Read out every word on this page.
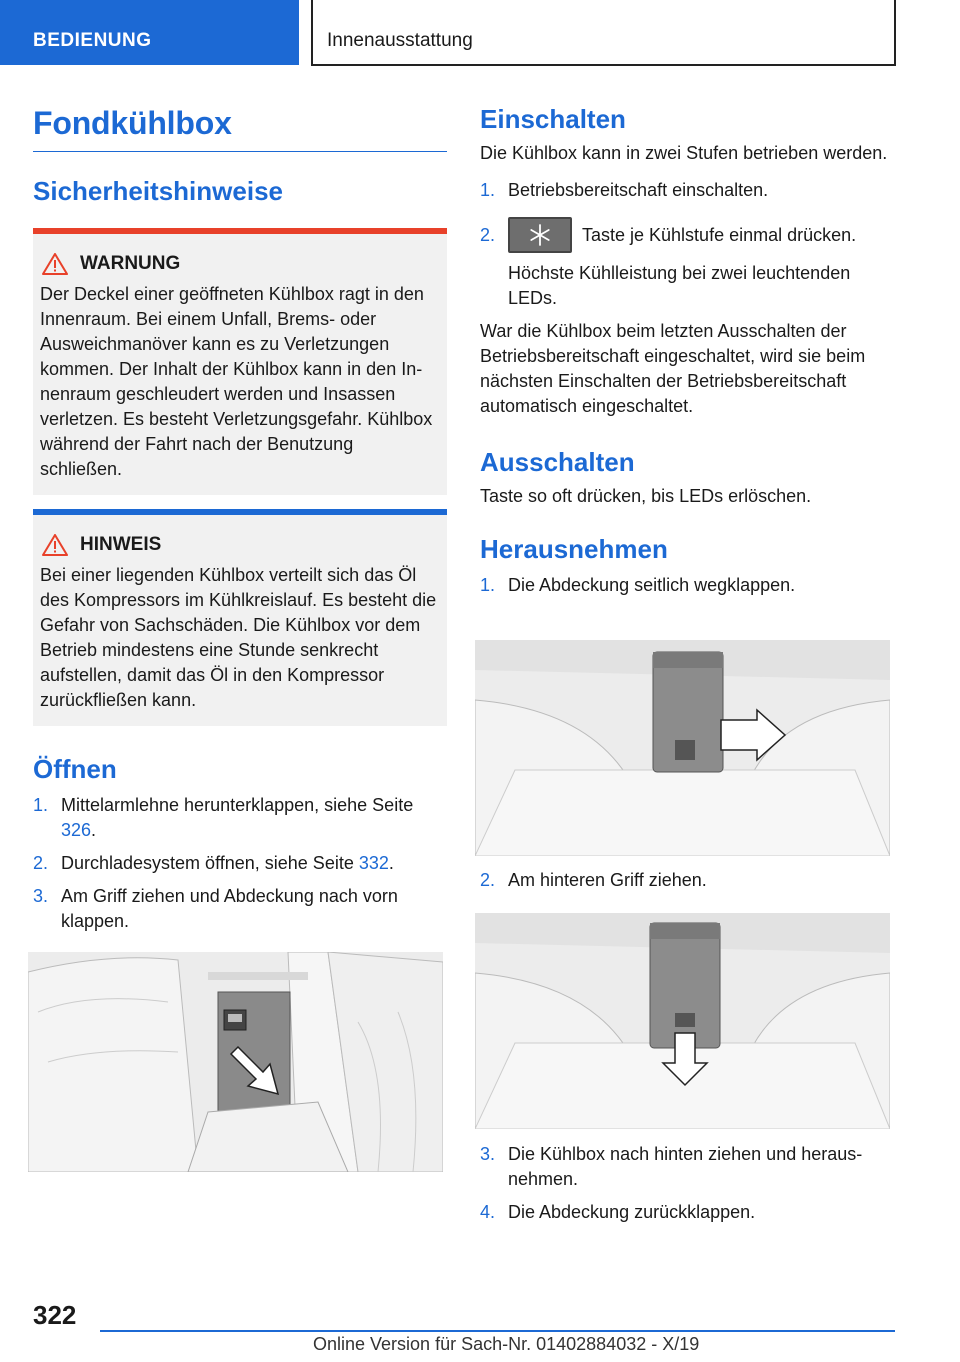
BEDIENUNG	Innenausstattung
Fondkühlbox
Sicherheitshinweise
WARNUNG
Der Deckel einer geöffneten Kühlbox ragt in den Innenraum. Bei einem Unfall, Brems- oder Ausweichmanöver kann es zu Verletzungen kommen. Der Inhalt der Kühlbox kann in den Innenraum geschleudert werden und Insassen verletzen. Es besteht Verletzungsgefahr. Kühlbox während der Fahrt nach der Benutzung schließen.
HINWEIS
Bei einer liegenden Kühlbox verteilt sich das Öl des Kompressors im Kühlkreislauf. Es besteht die Gefahr von Sachschäden. Die Kühlbox vor dem Betrieb mindestens eine Stunde senkrecht aufstellen, damit das Öl in den Kompressor zurückfließen kann.
Öffnen
1. Mittelarmlehne herunterklappen, siehe Seite 326.
2. Durchladesystem öffnen, siehe Seite 332.
3. Am Griff ziehen und Abdeckung nach vorn klappen.
Einschalten
Die Kühlbox kann in zwei Stufen betrieben werden.
1. Betriebsbereitschaft einschalten.
2.	Taste je Kühlstufe einmal drücken.
Höchste Kühlleistung bei zwei leuchtenden LEDs.
War die Kühlbox beim letzten Ausschalten der Betriebsbereitschaft eingeschaltet, wird sie beim nächsten Einschalten der Betriebsbereitschaft automatisch eingeschaltet.
Ausschalten
Taste so oft drücken, bis LEDs erlöschen.
Herausnehmen
1. Die Abdeckung seitlich wegklappen.
2. Am hinteren Griff ziehen.
3. Die Kühlbox nach hinten ziehen und herausnehmen.
4. Die Abdeckung zurückklappen.
322
Online Version für Sach-Nr. 01402884032 - X/19
